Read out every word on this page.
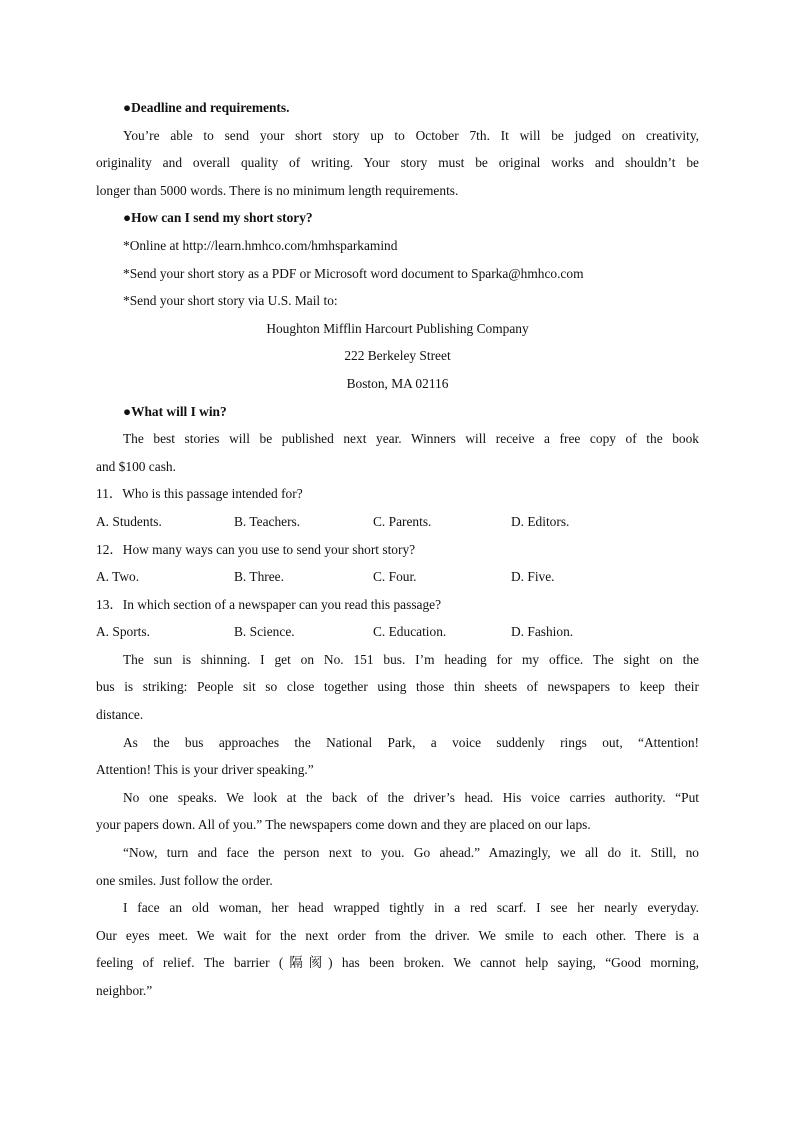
●Deadline and requirements.
You’re able to send your short story up to October 7th. It will be judged on creativity,
originality and overall quality of writing. Your story must be original works and shouldn’t be
longer than 5000 words. There is no minimum length requirements.
●How can I send my short story?
*Online at http://learn.hmhco.com/hmhsparkamind
*Send your short story as a PDF or Microsoft word document to Sparka@hmhco.com
*Send your short story via U.S. Mail to:
Houghton Mifflin Harcourt Publishing Company
222 Berkeley Street
Boston, MA 02116
●What will I win?
The best stories will be published next year. Winners will receive a free copy of the book
and $100 cash.
11．Who is this passage intended for?
A. Students.	B. Teachers.	C. Parents.	D. Editors.
12．How many ways can you use to send your short story?
A. Two.	B. Three.	C. Four.	D. Five.
13．In which section of a newspaper can you read this passage?
A. Sports.	B. Science.	C. Education.	D. Fashion.
The sun is shinning. I get on No. 151 bus. I’m heading for my office. The sight on the
bus is striking: People sit so close together using those thin sheets of newspapers to keep their
distance.
As the bus approaches the National Park, a voice suddenly rings out, “Attention!
Attention! This is your driver speaking.”
No one speaks. We look at the back of the driver’s head. His voice carries authority. “Put
your papers down. All of you.” The newspapers come down and they are placed on our laps.
“Now, turn and face the person next to you. Go ahead.” Amazingly, we all do it. Still, no
one smiles. Just follow the order.
I face an old woman, her head wrapped tightly in a red scarf. I see her nearly everyday.
Our eyes meet. We wait for the next order from the driver. We smile to each other. There is a
feeling of relief. The barrier (隔阂) has been broken. We cannot help saying, “Good morning,
neighbor.”
